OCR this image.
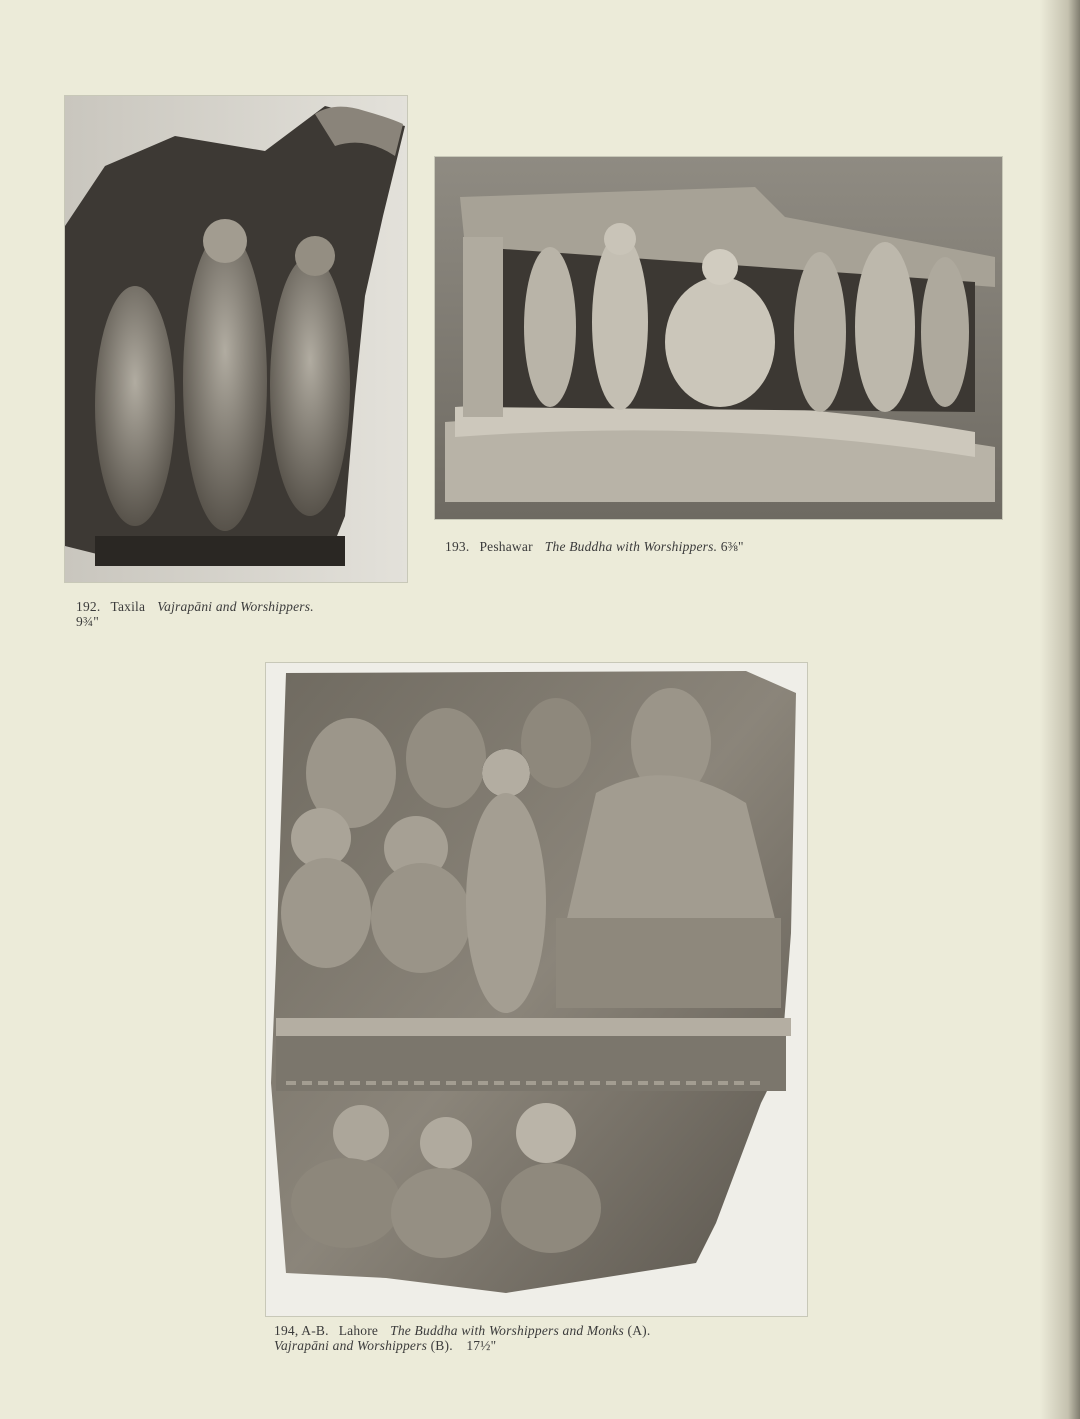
192. Taxila Vajrapāni and Worshippers.
9¾"
193. Peshawar The Buddha with Worshippers. 6⅜"
194, A-B. Lahore The Buddha with Worshippers and Monks (A).
Vajrapāni and Worshippers (B). 17½"
